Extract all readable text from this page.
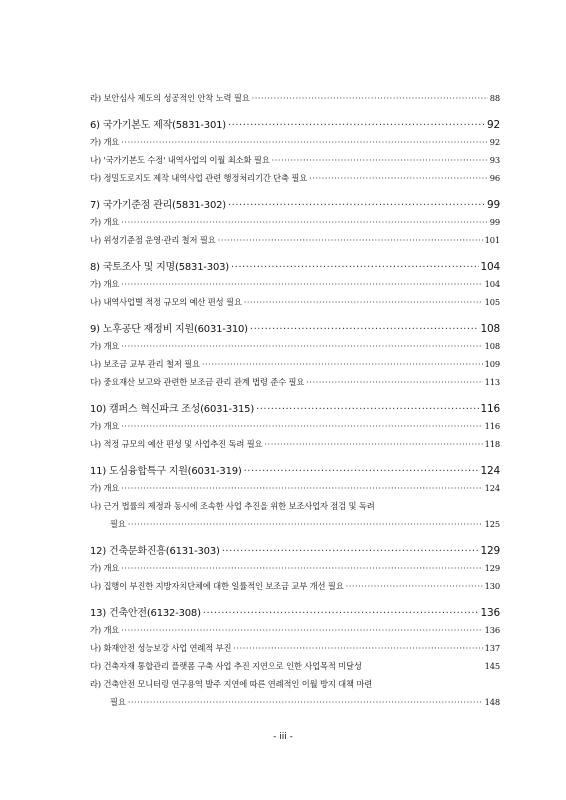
라) 보안심사 제도의 성공적인 안착 노력 필요 ·····	88
6) 국가기본도 제작(5831-301) ·····	92
가) 개요 ·····	92
나) '국가기본도 수정' 내역사업의 이월 최소화 필요 ·····	93
다) 정밀도로지도 제작 내역사업 관련 행정처리기간 단축 필요 ·····	96
7) 국가기준점 관리(5831-302) ·····	99
가) 개요 ·····	99
나) 위성기준점 운영·관리 철저 필요 ·····	101
8) 국토조사 및 지명(5831-303) ·····	104
가) 개요 ·····	104
나) 내역사업별 적정 규모의 예산 편성 필요 ·····	105
9) 노후공단 재정비 지원(6031-310) ·····	108
가) 개요 ·····	108
나) 보조금 교부 관리 철저 필요 ·····	109
다) 중요재산 보고와 관련한 보조금 관리 관계 법령 준수 필요 ·····	113
10) 캠퍼스 혁신파크 조성(6031-315) ·····	116
가) 개요 ·····	116
나) 적정 규모의 예산 편성 및 사업추진 독려 필요 ·····	118
11) 도심융합특구 지원(6031-319) ·····	124
가) 개요 ·····	124
나) 근거 법률의 제정과 동시에 조속한 사업 추진을 위한 보조사업자 점검 및 독려
필요 ·····	125
12) 건축문화진흥(6131-303) ·····	129
가) 개요 ·····	129
나) 집행이 부진한 지방자치단체에 대한 일률적인 보조금 교부 개선 필요 ·····	130
13) 건축안전(6132-308) ·····	136
가) 개요 ·····	136
나) 화재안전 성능보강 사업 연례적 부진 ·····	137
다) 건축자재 통합관리 플랫폼 구축 사업 추진 지연으로 인한 사업목적 미달성	145
라) 건축안전 모니터링 연구용역 발주 지연에 따른 연례적인 이월 방지 대책 마련
필요 ·····	148
- iii -
